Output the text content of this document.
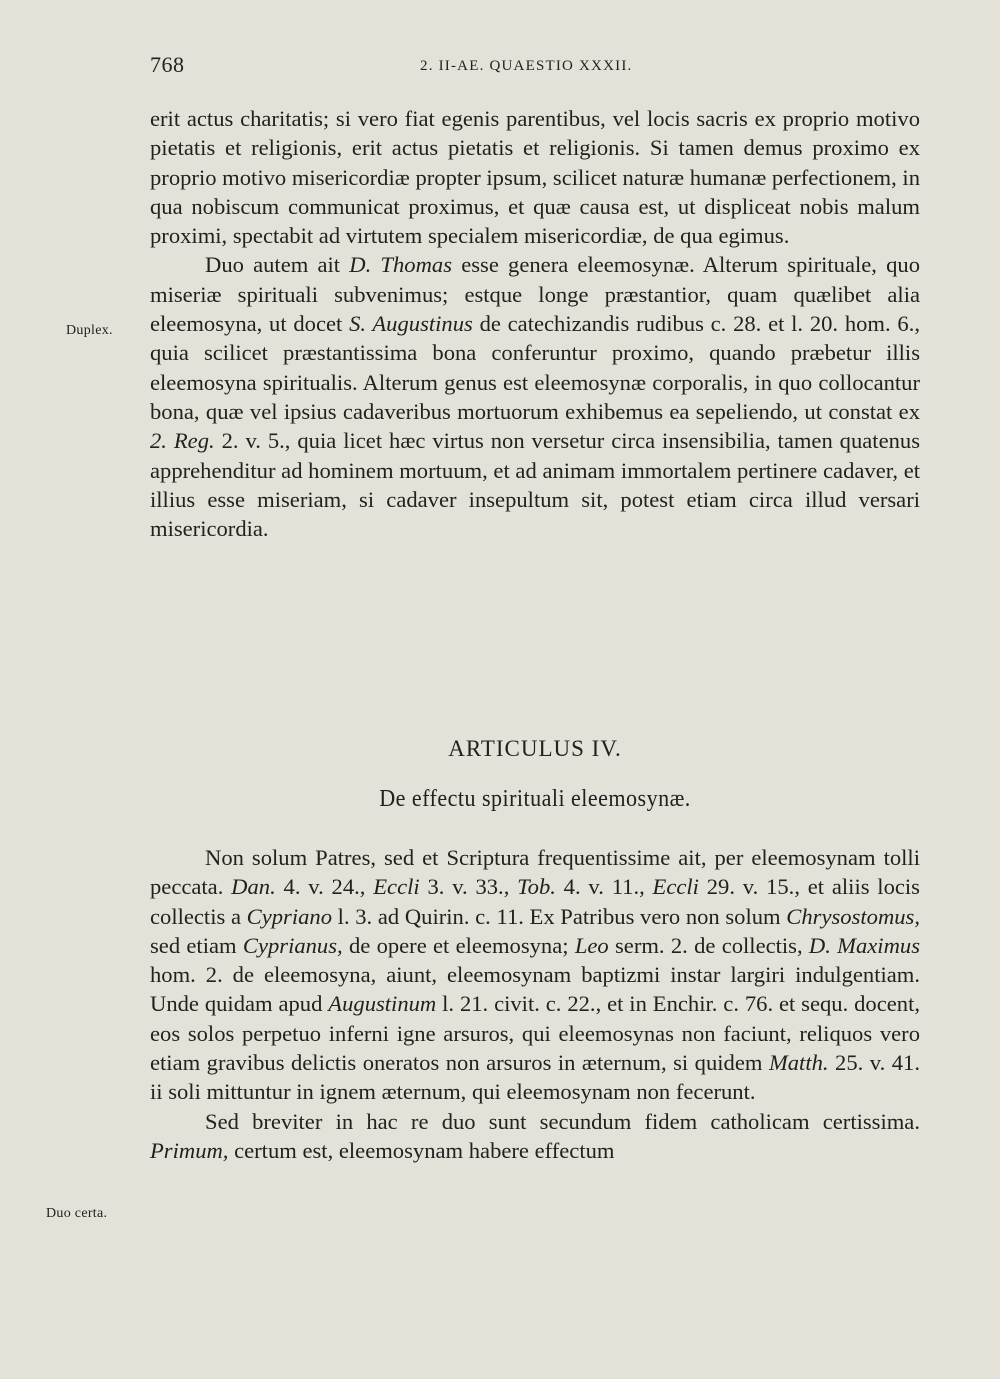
768	2. II-AE. QUAESTIO XXXII.
Duplex.
Duo certa.

erit actus charitatis; si vero fiat egenis parentibus, vel locis sacris ex proprio motivo pietatis et religionis, erit actus pietatis et religionis. Si tamen demus proximo ex proprio motivo misericordiæ propter ipsum, scilicet naturæ humanæ perfectionem, in qua nobiscum communicat proximus, et quæ causa est, ut displiceat nobis malum proximi, spectabit ad virtutem specialem misericordiæ, de qua egimus.

Duo autem ait D. Thomas esse genera eleemosynæ. Alterum spirituale, quo miseriæ spirituali subvenimus; estque longe præstantior, quam quælibet alia eleemosyna, ut docet S. Augustinus de catechizandis rudibus c. 28. et l. 20. hom. 6., quia scilicet præstantissima bona conferuntur proximo, quando præbetur illis eleemosyna spiritualis. Alterum genus est eleemosynæ corporalis, in quo collocantur bona, quæ vel ipsius cadaveribus mortuorum exhibemus ea sepeliendo, ut constat ex 2. Reg. 2. v. 5., quia licet hæc virtus non versetur circa insensibilia, tamen quatenus apprehenditur ad hominem mortuum, et ad animam immortalem pertinere cadaver, et illius esse miseriam, si cadaver insepultum sit, potest etiam circa illud versari misericordia.

ARTICULUS IV.
De effectu spirituali eleemosynæ.

Non solum Patres, sed et Scriptura frequentissime ait, per eleemosynam tolli peccata. Dan. 4. v. 24., Eccli 3. v. 33., Tob. 4. v. 11., Eccli 29. v. 15., et aliis locis collectis a Cypriano l. 3. ad Quirin. c. 11. Ex Patribus vero non solum Chrysostomus, sed etiam Cyprianus, de opere et eleemosyna; Leo serm. 2. de collectis, D. Maximus hom. 2. de eleemosyna, aiunt, eleemosynam baptizmi instar largiri indulgentiam. Unde quidam apud Augustinum l. 21. civit. c. 22., et in Enchir. c. 76. et sequ. docent, eos solos perpetuo inferni igne arsuros, qui eleemosynas non faciunt, reliquos vero etiam gravibus delictis oneratos non arsuros in æternum, si quidem Matth. 25. v. 41. ii soli mittuntur in ignem æternum, qui eleemosynam non fecerunt.

Sed breviter in hac re duo sunt secundum fidem catholicam certissima. Primum, certum est, eleemosynam habere effectum
